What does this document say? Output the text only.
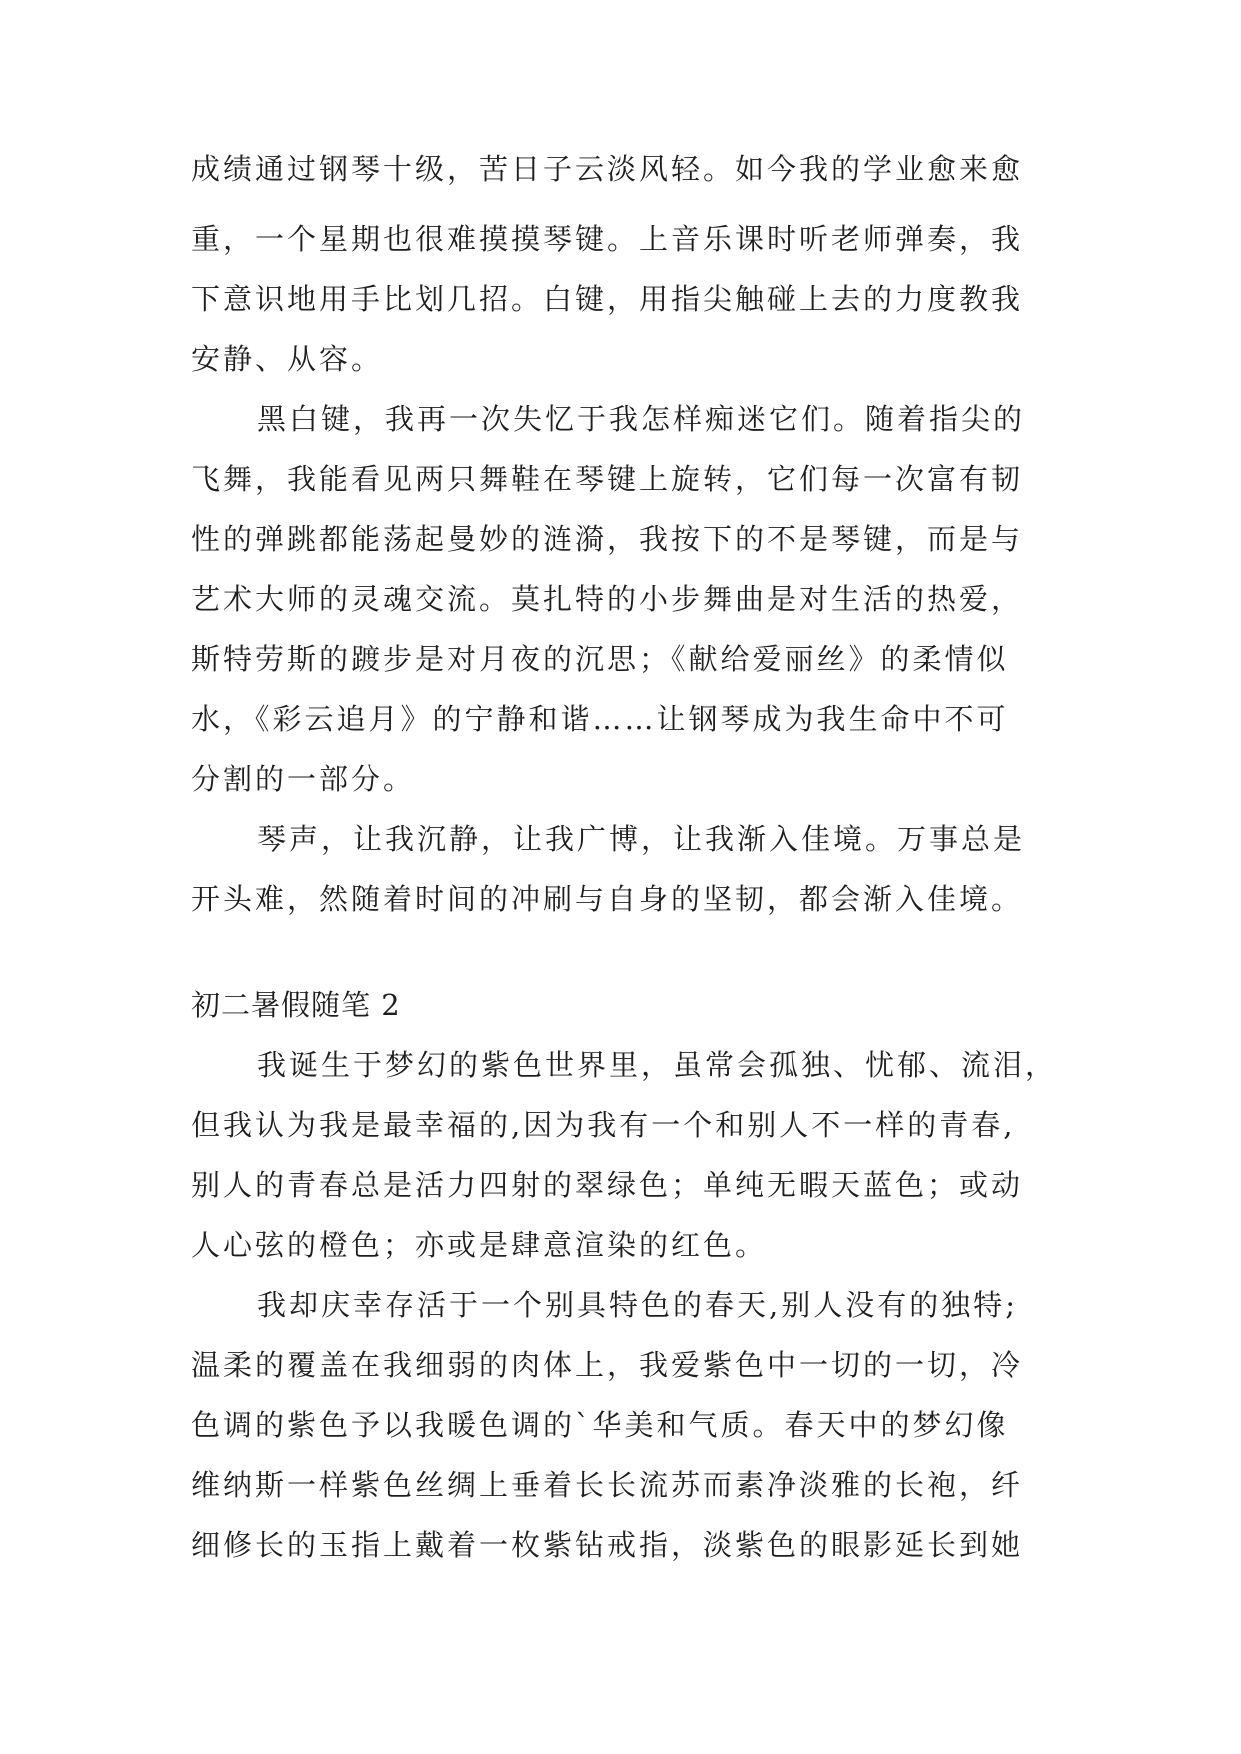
成绩通过钢琴十级，苦日子云淡风轻。如今我的学业愈来愈

重，一个星期也很难摸摸琴键。上音乐课时听老师弹奏，我

下意识地用手比划几招。白键，用指尖触碰上去的力度教我

安静、从容。

黑白键，我再一次失忆于我怎样痴迷它们。随着指尖的

飞舞，我能看见两只舞鞋在琴键上旋转，它们每一次富有韧

性的弹跳都能荡起曼妙的涟漪，我按下的不是琴键，而是与

艺术大师的灵魂交流。莫扎特的小步舞曲是对生活的热爱，

斯特劳斯的踱步是对月夜的沉思；《献给爱丽丝》的柔情似

水，《彩云追月》的宁静和谐……让钢琴成为我生命中不可

分割的一部分。

琴声，让我沉静，让我广博，让我渐入佳境。万事总是

开头难，然随着时间的冲刷与自身的坚韧，都会渐入佳境。

初二暑假随笔 2

我诞生于梦幻的紫色世界里，虽常会孤独、忧郁、流泪，

但我认为我是最幸福的,因为我有一个和别人不一样的青春,

别人的青春总是活力四射的翠绿色；单纯无暇天蓝色；或动

人心弦的橙色；亦或是肆意渲染的红色。

我却庆幸存活于一个别具特色的春天,别人没有的独特;

温柔的覆盖在我细弱的肉体上，我爱紫色中一切的一切，冷

色调的紫色予以我暖色调的`华美和气质。春天中的梦幻像

维纳斯一样紫色丝绸上垂着长长流苏而素净淡雅的长袍，纤

细修长的玉指上戴着一枚紫钻戒指，淡紫色的眼影延长到她
